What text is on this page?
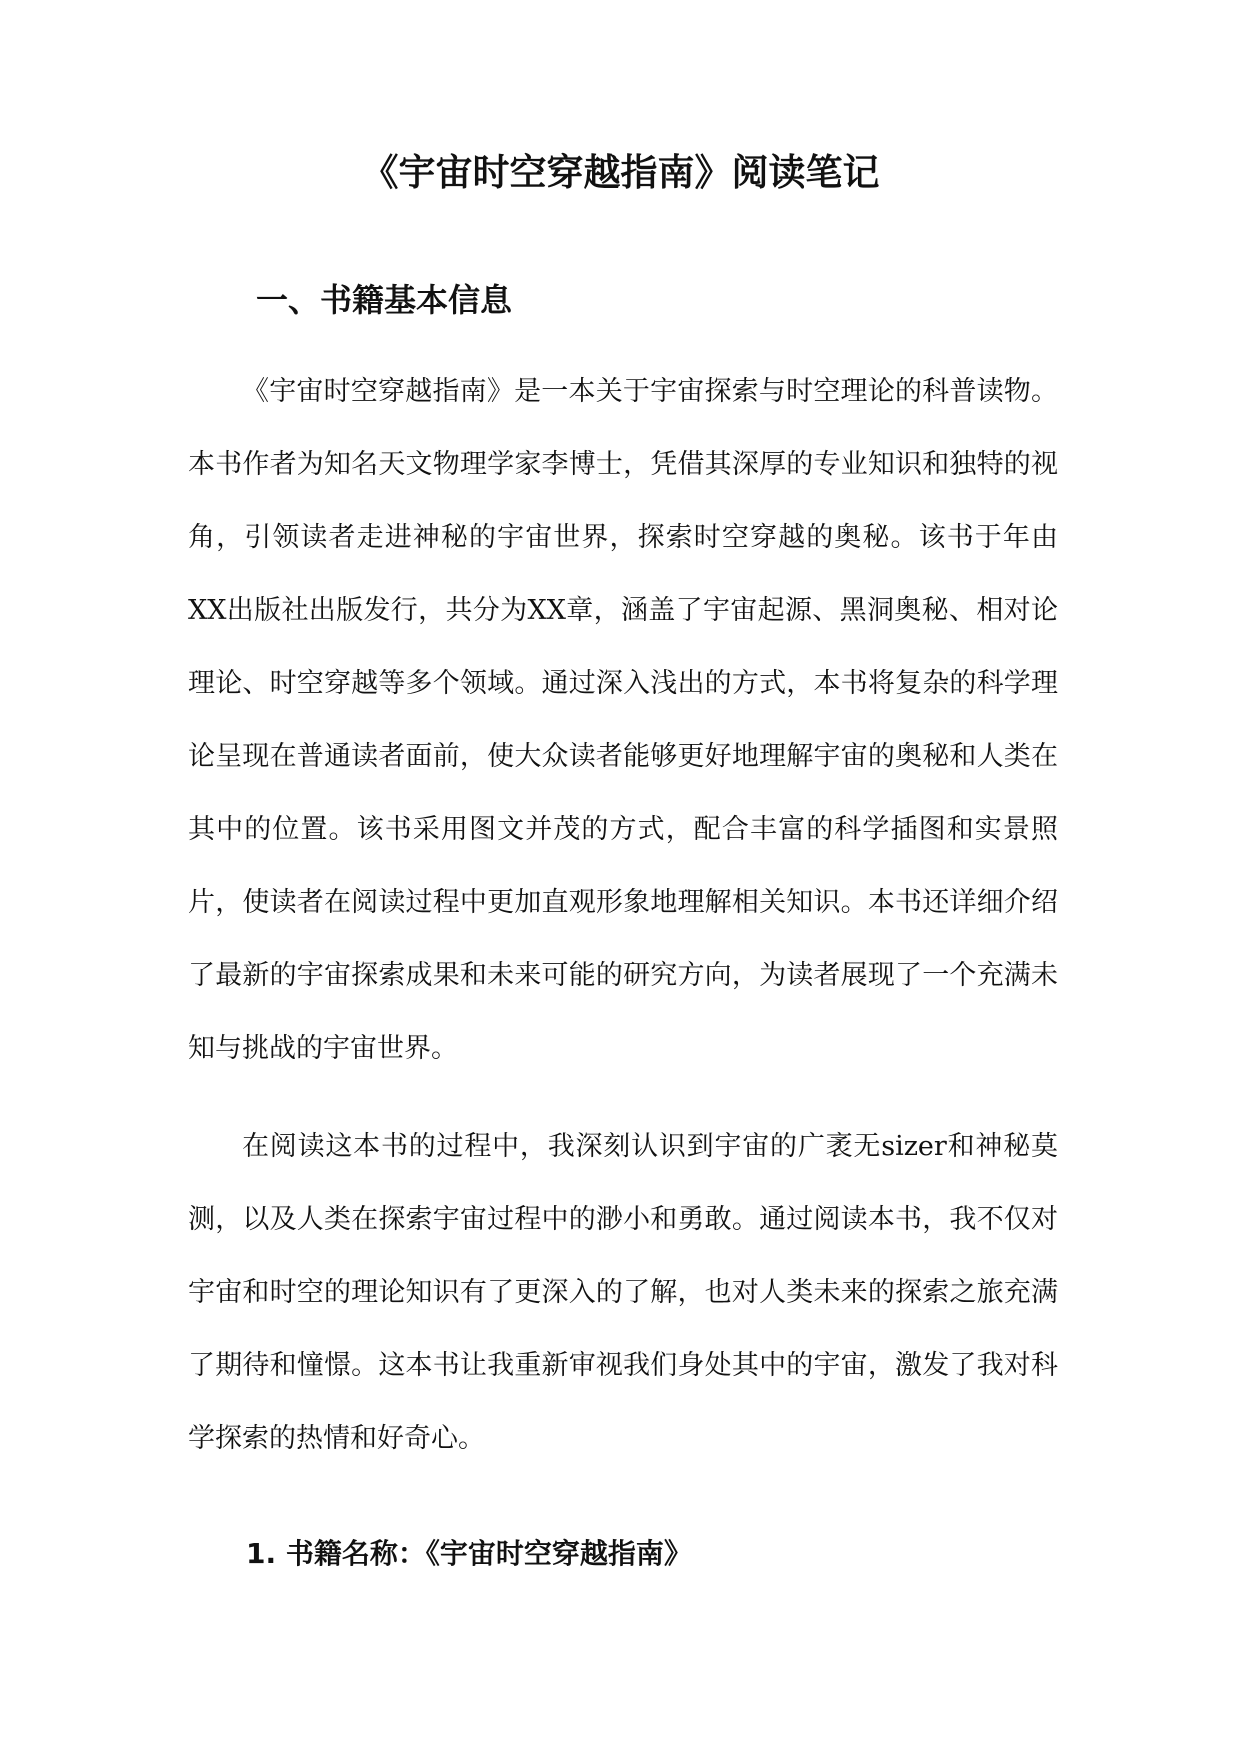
《宇宙时空穿越指南》阅读笔记
一、书籍基本信息

《宇宙时空穿越指南》是一本关于宇宙探索与时空理论的科普读物。本书作者为知名天文物理学家李博士，凭借其深厚的专业知识和独特的视角，引领读者走进神秘的宇宙世界，探索时空穿越的奥秘。该书于年由XX出版社出版发行，共分为XX章，涵盖了宇宙起源、黑洞奥秘、相对论理论、时空穿越等多个领域。通过深入浅出的方式，本书将复杂的科学理论呈现在普通读者面前，使大众读者能够更好地理解宇宙的奥秘和人类在其中的位置。该书采用图文并茂的方式，配合丰富的科学插图和实景照片，使读者在阅读过程中更加直观形象地理解相关知识。本书还详细介绍了最新的宇宙探索成果和未来可能的研究方向，为读者展现了一个充满未知与挑战的宇宙世界。

在阅读这本书的过程中，我深刻认识到宇宙的广袤无sizer和神秘莫测，以及人类在探索宇宙过程中的渺小和勇敢。通过阅读本书，我不仅对宇宙和时空的理论知识有了更深入的了解，也对人类未来的探索之旅充满了期待和憧憬。这本书让我重新审视我们身处其中的宇宙，激发了我对科学探索的热情和好奇心。

1. 书籍名称：《宇宙时空穿越指南》
